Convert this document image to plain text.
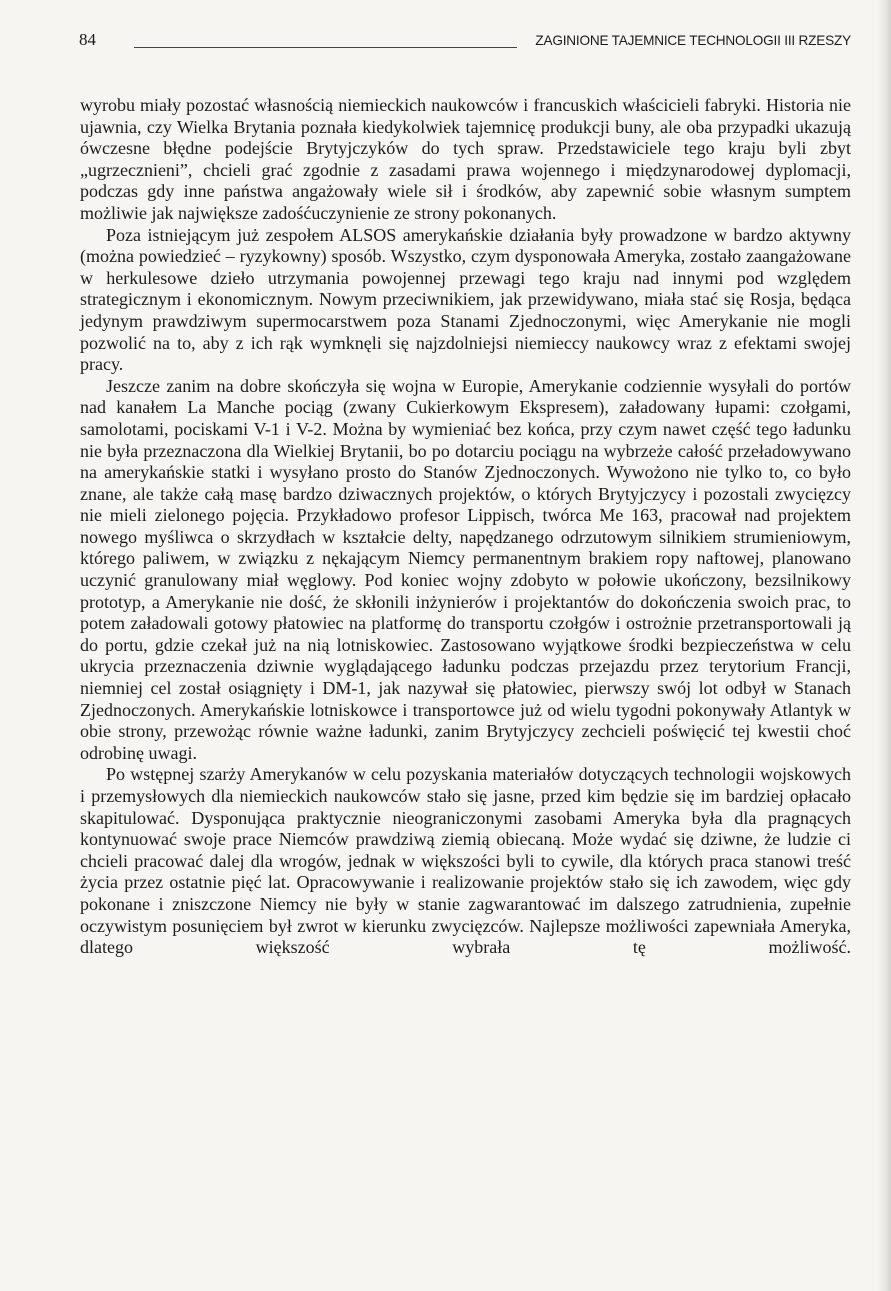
84	ZAGINIONE TAJEMNICE TECHNOLOGII III RZESZY

wyrobu miały pozostać własnością niemieckich naukowców i francuskich właścicieli fabryki. Historia nie ujawnia, czy Wielka Brytania poznała kiedykolwiek tajemnicę produkcji buny, ale oba przypadki ukazują ówczesne błędne podejście Brytyjczyków do tych spraw. Przedstawiciele tego kraju byli zbyt „ugrzecznieni”, chcieli grać zgodnie z zasadami prawa wojennego i międzynarodowej dyplomacji, podczas gdy inne państwa angażowały wiele sił i środków, aby zapewnić sobie własnym sumptem możliwie jak największe zadośćuczynienie ze strony pokonanych.

Poza istniejącym już zespołem ALSOS amerykańskie działania były prowadzone w bardzo aktywny (można powiedzieć – ryzykowny) sposób. Wszystko, czym dysponowała Ameryka, zostało zaangażowane w herkulesowe dzieło utrzymania powojennej przewagi tego kraju nad innymi pod względem strategicznym i ekonomicznym. Nowym przeciwnikiem, jak przewidywano, miała stać się Rosja, będąca jedynym prawdziwym supermocarstwem poza Stanami Zjednoczonymi, więc Amerykanie nie mogli pozwolić na to, aby z ich rąk wymknęli się najzdolniejsi niemieccy naukowcy wraz z efektami swojej pracy.

Jeszcze zanim na dobre skończyła się wojna w Europie, Amerykanie codziennie wysyłali do portów nad kanałem La Manche pociąg (zwany Cukierkowym Ekspresem), załadowany łupami: czołgami, samolotami, pociskami V-1 i V-2. Można by wymieniać bez końca, przy czym nawet część tego ładunku nie była przeznaczona dla Wielkiej Brytanii, bo po dotarciu pociągu na wybrzeże całość przeładowywano na amerykańskie statki i wysyłano prosto do Stanów Zjednoczonych. Wywożono nie tylko to, co było znane, ale także całą masę bardzo dziwacznych projektów, o których Brytyjczycy i pozostali zwycięzcy nie mieli zielonego pojęcia. Przykładowo profesor Lippisch, twórca Me 163, pracował nad projektem nowego myśliwca o skrzydłach w kształcie delty, napędzanego odrzutowym silnikiem strumieniowym, którego paliwem, w związku z nękającym Niemcy permanentnym brakiem ropy naftowej, planowano uczynić granulowany miał węglowy. Pod koniec wojny zdobyto w połowie ukończony, bezsilnikowy prototyp, a Amerykanie nie dość, że skłonili inżynierów i projektantów do dokończenia swoich prac, to potem załadowali gotowy płatowiec na platformę do transportu czołgów i ostrożnie przetransportowali ją do portu, gdzie czekał już na nią lotniskowiec. Zastosowano wyjątkowe środki bezpieczeństwa w celu ukrycia przeznaczenia dziwnie wyglądającego ładunku podczas przejazdu przez terytorium Francji, niemniej cel został osiągnięty i DM-1, jak nazywał się płatowiec, pierwszy swój lot odbył w Stanach Zjednoczonych. Amerykańskie lotniskowce i transportowce już od wielu tygodni pokonywały Atlantyk w obie strony, przewożąc równie ważne ładunki, zanim Brytyjczycy zechcieli poświęcić tej kwestii choć odrobinę uwagi.

Po wstępnej szarży Amerykanów w celu pozyskania materiałów dotyczących technologii wojskowych i przemysłowych dla niemieckich naukowców stało się jasne, przed kim będzie się im bardziej opłacało skapitulować. Dysponująca praktycznie nieograniczonymi zasobami Ameryka była dla pragnących kontynuować swoje prace Niemców prawdziwą ziemią obiecaną. Może wydać się dziwne, że ludzie ci chcieli pracować dalej dla wrogów, jednak w większości byli to cywile, dla których praca stanowi treść życia przez ostatnie pięć lat. Opracowywanie i realizowanie projektów stało się ich zawodem, więc gdy pokonane i zniszczone Niemcy nie były w stanie zagwarantować im dalszego zatrudnienia, zupełnie oczywistym posunięciem był zwrot w kierunku zwycięzców. Najlepsze możliwości zapewniała Ameryka, dlatego większość wybrała tę możliwość.
